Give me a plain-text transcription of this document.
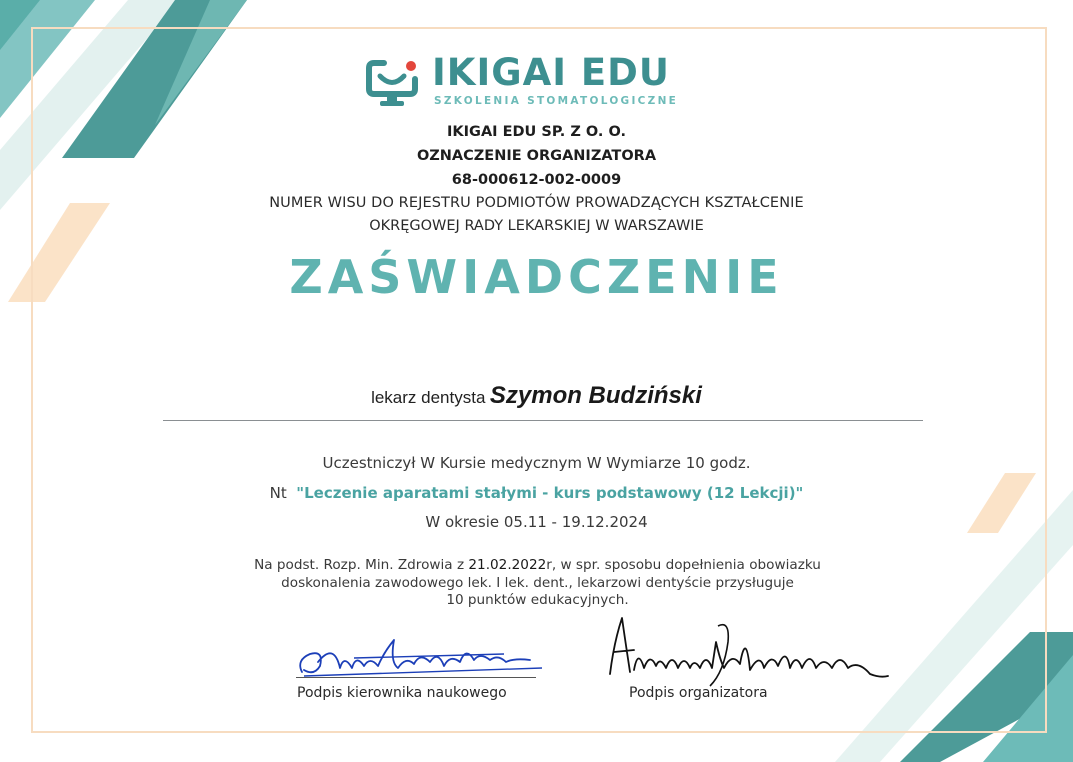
IKIGAI EDU
SZKOLENIA STOMATOLOGICZNE
IKIGAI EDU SP. Z O. O.
OZNACZENIE ORGANIZATORA
68-000612-002-0009
NUMER WISU DO REJESTRU PODMIOTÓW PROWADZĄCYCH KSZTAŁCENIE
OKRĘGOWEJ RADY LEKARSKIEJ W WARSZAWIE
ZAŚWIADCZENIE
lekarz dentysta Szymon Budziński
Uczestniczył W Kursie medycznym W Wymiarze 10 godz.
Nt "Leczenie aparatami stałymi - kurs podstawowy (12 Lekcji)"
W okresie 05.11 - 19.12.2024
Na podst. Rozp. Min. Zdrowia z 21.02.2022r, w spr. sposobu dopełnienia obowiazku
doskonalenia zawodowego lek. I lek. dent., lekarzowi dentyście przysługuje
10 punktów edukacyjnych.
Podpis kierownika naukowego	Podpis organizatora
